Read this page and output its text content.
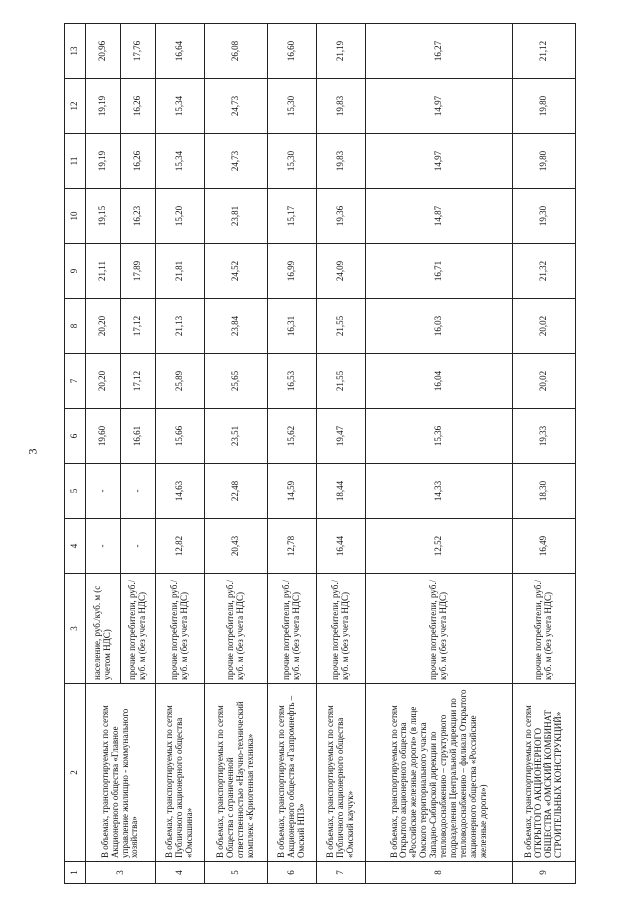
3
1	2	3	4	5	6	7	8	9	10	11	12	13
3	В объемах, транспортируемых по сетям Акционерного общества «Главное управление жилищно - коммунального хозяйства»	население, руб./куб. м (с учетом НДС)	-	-	19,60	20,20	20,20	21,11	19,15	19,19	19,19	20,96
		прочие потребители, руб./куб. м (без учета НДС)	-	-	16,61	17,12	17,12	17,89	16,23	16,26	16,26	17,76
4	В объемах, транспортируемых по сетям Публичного акционерного общества «Омскшина»	прочие потребители, руб./куб. м (без учета НДС)	12,82	14,63	15,66	25,89	21,13	21,81	15,20	15,34	15,34	16,64
5	В объемах, транспортируемых по сетям Общества с ограниченной ответственностью «Научно-технический комплекс «Криогенная техника»	прочие потребители, руб./куб. м (без учета НДС)	20,43	22,48	23,51	25,65	23,84	24,52	23,81	24,73	24,73	26,08
6	В объемах, транспортируемых по сетям Акционерного общества «Газпромнефть – Омский НПЗ»	прочие потребители, руб./куб. м (без учета НДС)	12,78	14,59	15,62	16,53	16,31	16,99	15,17	15,30	15,30	16,60
7	В объемах, транспортируемых по сетям Публичного акционерного общества «Омский каучук»	прочие потребители, руб./куб. м (без учета НДС)	16,44	18,44	19,47	21,55	21,55	24,09	19,36	19,83	19,83	21,19
8	В объемах, транспортируемых по сетям Открытого акционерного общества «Российские железные дороги» (в лице Омского территориального участка Западно-Сибирской дирекции по тепловодоснабжению – структурного подразделения Центральной дирекции по тепловодоснабжению – филиала Открытого акционерного общества «Российские железные дороги»)	прочие потребители, руб./куб. м (без учета НДС)	12,52	14,33	15,36	16,04	16,03	16,71	14,87	14,97	14,97	16,27
9	В объемах, транспортируемых по сетям ОТКРЫТОГО АКЦИОНЕРНОГО ОБЩЕСТВА «ОМСКИЙ КОМБИНАТ СТРОИТЕЛЬНЫХ КОНСТРУКЦИЙ»	прочие потребители, руб./куб. м (без учета НДС)	16,49	18,30	19,33	20,02	20,02	21,32	19,30	19,80	19,80	21,12
